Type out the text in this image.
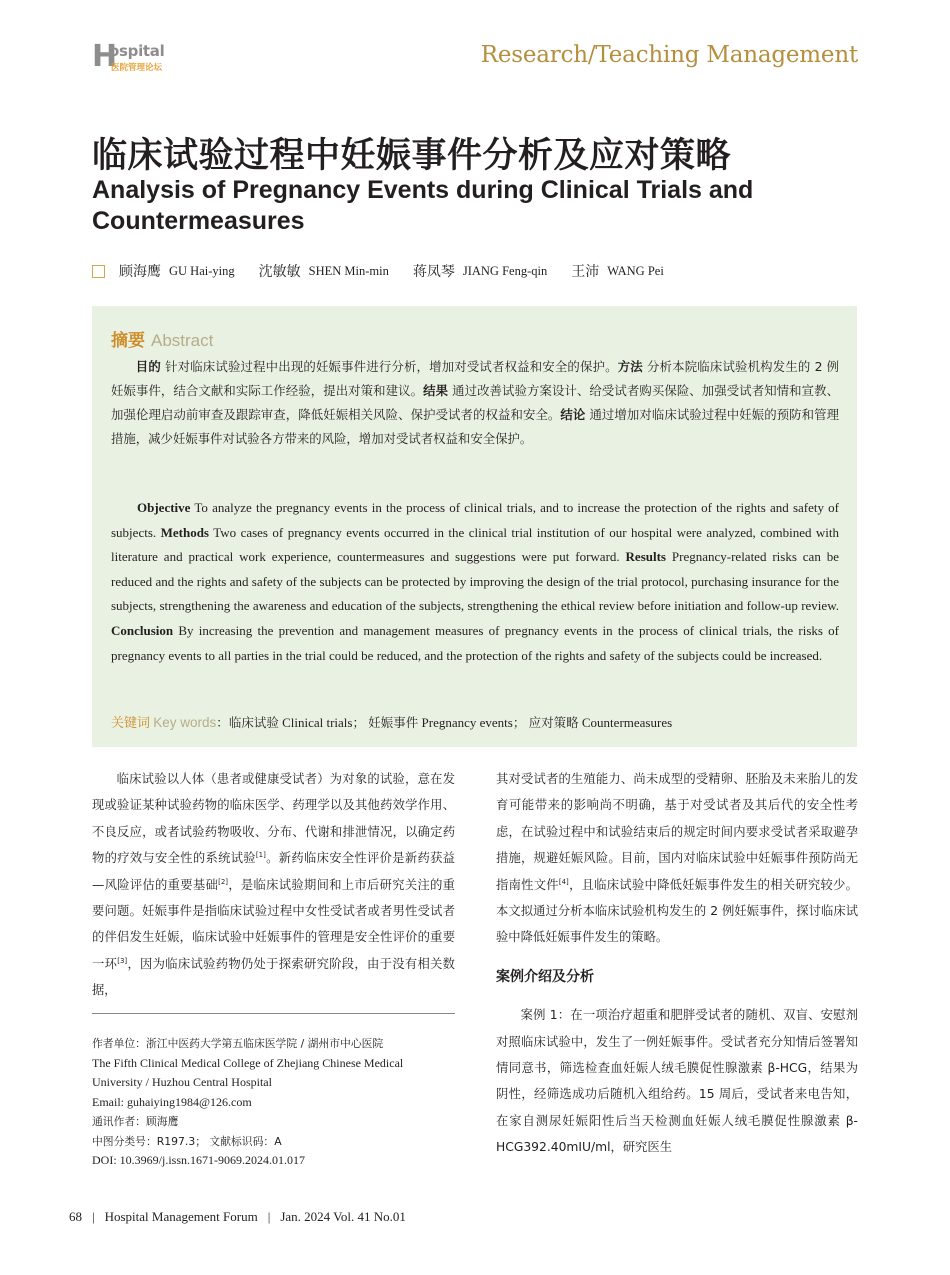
H
ospital
医院管理论坛	Research/Teaching Management
临床试验过程中妊娠事件分析及应对策略
Analysis of Pregnancy Events during Clinical Trials and Countermeasures
顾海鹰 GU Hai-ying 沈敏敏 SHEN Min-min 蒋凤琴 JIANG Feng-qin 王沛 WANG Pei
摘要 Abstract

目的 针对临床试验过程中出现的妊娠事件进行分析，增加对受试者权益和安全的保护。方法 分析本院临床试验机构发生的 2 例妊娠事件，结合文献和实际工作经验，提出对策和建议。结果 通过改善试验方案设计、给受试者购买保险、加强受试者知情和宣教、加强伦理启动前审查及跟踪审查，降低妊娠相关风险、保护受试者的权益和安全。结论 通过增加对临床试验过程中妊娠的预防和管理措施，减少妊娠事件对试验各方带来的风险，增加对受试者权益和安全保护。

Objective To analyze the pregnancy events in the process of clinical trials, and to increase the protection of the rights and safety of subjects. Methods Two cases of pregnancy events occurred in the clinical trial institution of our hospital were analyzed, combined with literature and practical work experience, countermeasures and suggestions were put forward. Results Pregnancy-related risks can be reduced and the rights and safety of the subjects can be protected by improving the design of the trial protocol, purchasing insurance for the subjects, strengthening the awareness and education of the subjects, strengthening the ethical review before initiation and follow-up review. Conclusion By increasing the prevention and management measures of pregnancy events in the process of clinical trials, the risks of pregnancy events to all parties in the trial could be reduced, and the protection of the rights and safety of the subjects could be increased.

关键词 Key words：临床试验 Clinical trials； 妊娠事件 Pregnancy events； 应对策略 Countermeasures

临床试验以人体（患者或健康受试者）为对象的试验，意在发现或验证某种试验药物的临床医学、药理学以及其他药效学作用、不良反应，或者试验药物吸收、分布、代谢和排泄情况，以确定药物的疗效与安全性的系统试验[1]。新药临床安全性评价是新药获益—风险评估的重要基础[2]，是临床试验期间和上市后研究关注的重要问题。妊娠事件是指临床试验过程中女性受试者或者男性受试者的伴侣发生妊娠，临床试验中妊娠事件的管理是安全性评价的重要一环[3]，因为临床试验药物仍处于探索研究阶段，由于没有相关数据，

其对受试者的生殖能力、尚未成型的受精卵、胚胎及未来胎儿的发育可能带来的影响尚不明确，基于对受试者及其后代的安全性考虑，在试验过程中和试验结束后的规定时间内要求受试者采取避孕措施，规避妊娠风险。目前，国内对临床试验中妊娠事件预防尚无指南性文件[4]，且临床试验中降低妊娠事件发生的相关研究较少。本文拟通过分析本临床试验机构发生的 2 例妊娠事件，探讨临床试验中降低妊娠事件发生的策略。

案例介绍及分析

案例 1：在一项治疗超重和肥胖受试者的随机、双盲、安慰剂对照临床试验中，发生了一例妊娠事件。受试者充分知情后签署知情同意书，筛选检查血妊娠人绒毛膜促性腺激素 β-HCG，结果为阴性，经筛选成功后随机入组给药。15 周后，受试者来电告知，在家自测尿妊娠阳性后当天检测血妊娠人绒毛膜促性腺激素 β-HCG392.40mIU/ml，研究医生

作者单位：浙江中医药大学第五临床医学院 / 湖州市中心医院
The Fifth Clinical Medical College of Zhejiang Chinese Medical University / Huzhou Central Hospital
Email: guhaiying1984@126.com
通讯作者：顾海鹰
中图分类号：R197.3； 文献标识码：A
DOI: 10.3969/j.issn.1671-9069.2024.01.017
68 | Hospital Management Forum | Jan. 2024 Vol. 41 No.01
